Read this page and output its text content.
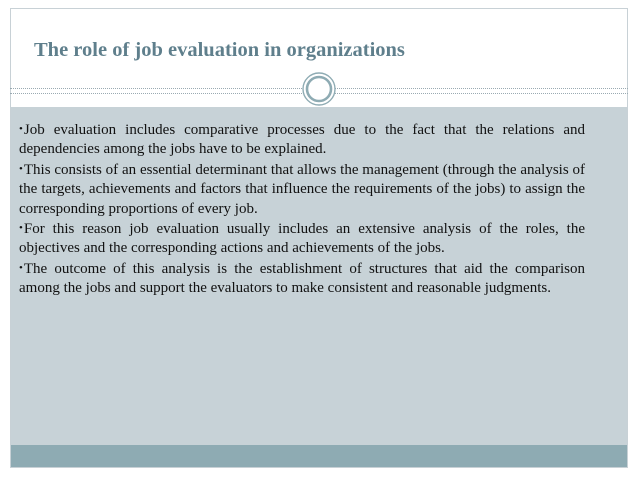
The role of job evaluation in organizations
•Job evaluation includes comparative processes due to the fact that the relations and dependencies among the jobs have to be explained.
•This consists of an essential determinant that allows the management (through the analysis of the targets, achievements and factors that influence the requirements of the jobs) to assign the corresponding proportions of every job.
•For this reason job evaluation usually includes an extensive analysis of the roles, the objectives and the corresponding actions and achievements of the jobs.
•The outcome of this analysis is the establishment of structures that aid the comparison among the jobs and support the evaluators to make consistent and reasonable judgments.
